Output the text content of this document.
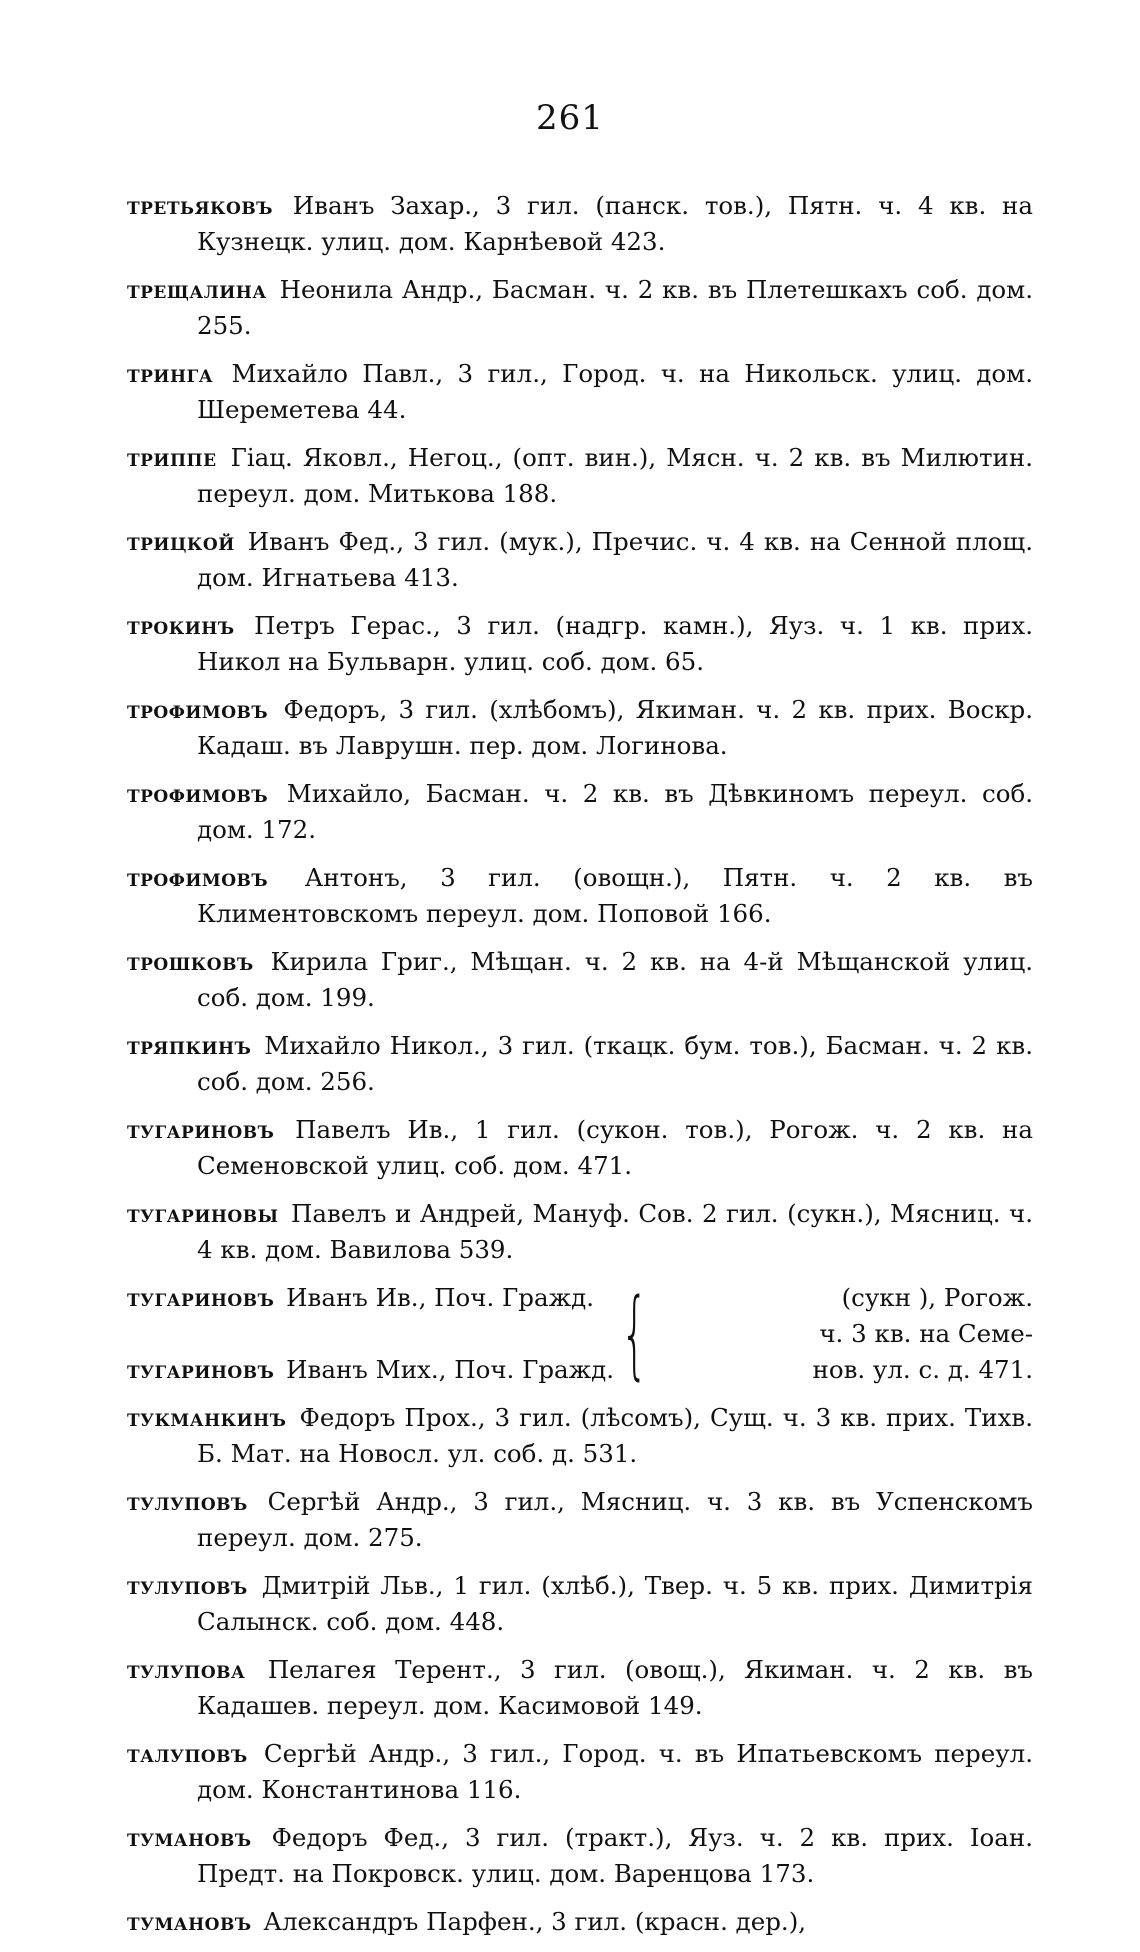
261

третьяковъ Иванъ Захар., 3 гил. (панск. тов.), Пятн. ч. 4 кв. на Кузнецк. улиц. дом. Карнѣевой 423.

трещалина Неонила Андр., Басман. ч. 2 кв. въ Плетешкахъ соб. дом. 255.

тринга Михайло Павл., 3 гил., Город. ч. на Никольск. улиц. дом. Шереметева 44.

триппе Гіац. Яковл., Негоц., (опт. вин.), Мясн. ч. 2 кв. въ Милютин. переул. дом. Митькова 188.

трицкой Иванъ Фед., 3 гил. (мук.), Пречис. ч. 4 кв. на Сенной площ. дом. Игнатьева 413.

трокинъ Петръ Герас., 3 гил. (надгр. камн.), Яуз. ч. 1 кв. прих. Никол на Бульварн. улиц. соб. дом. 65.

трофимовъ Федоръ, 3 гил. (хлѣбомъ), Якиман. ч. 2 кв. прих. Воскр. Кадаш. въ Лаврушн. пер. дом. Логинова.

трофимовъ Михайло, Басман. ч. 2 кв. въ Дѣвкиномъ переул. соб. дом. 172.

трофимовъ Антонъ, 3 гил. (овощн.), Пятн. ч. 2 кв. въ Климентовскомъ переул. дом. Поповой 166.

трошковъ Кирила Григ., Мѣщан. ч. 2 кв. на 4-й Мѣщанской улиц. соб. дом. 199.

тряпкинъ Михайло Никол., 3 гил. (ткацк. бум. тов.), Басман. ч. 2 кв. соб. дом. 256.

тугариновъ Павелъ Ив., 1 гил. (сукон. тов.), Рогож. ч. 2 кв. на Семеновской улиц. соб. дом. 471.

тугариновы Павелъ и Андрей, Мануф. Сов. 2 гил. (сукн.), Мясниц. ч. 4 кв. дом. Вавилова 539.

тугариновъ Иванъ Ив., Поч. Гражд.
тугариновъ Иванъ Мих., Поч. Гражд. {	(сукн ), Рогож.
ч. 3 кв. на Семе-
нов. ул. с. д. 471.

тукманкинъ Федоръ Прох., 3 гил. (лѣсомъ), Сущ. ч. 3 кв. прих. Тихв. Б. Мат. на Новосл. ул. соб. д. 531.

тулуповъ Сергѣй Андр., 3 гил., Мясниц. ч. 3 кв. въ Успенскомъ переул. дом. 275.

тулуповъ Дмитрій Льв., 1 гил. (хлѣб.), Твер. ч. 5 кв. прих. Димитрія Салынск. соб. дом. 448.

тулупова Пелагея Терент., 3 гил. (овощ.), Якиман. ч. 2 кв. въ Кадашев. переул. дом. Касимовой 149.

талуповъ Сергѣй Андр., 3 гил., Город. ч. въ Ипатьевскомъ переул. дом. Константинова 116.

тумановъ Федоръ Фед., 3 гил. (тракт.), Яуз. ч. 2 кв. прих. Іоан. Предт. на Покровск. улиц. дом. Варенцова 173.

тумановъ Александръ Парфен., 3 гил. (красн. дер.),
